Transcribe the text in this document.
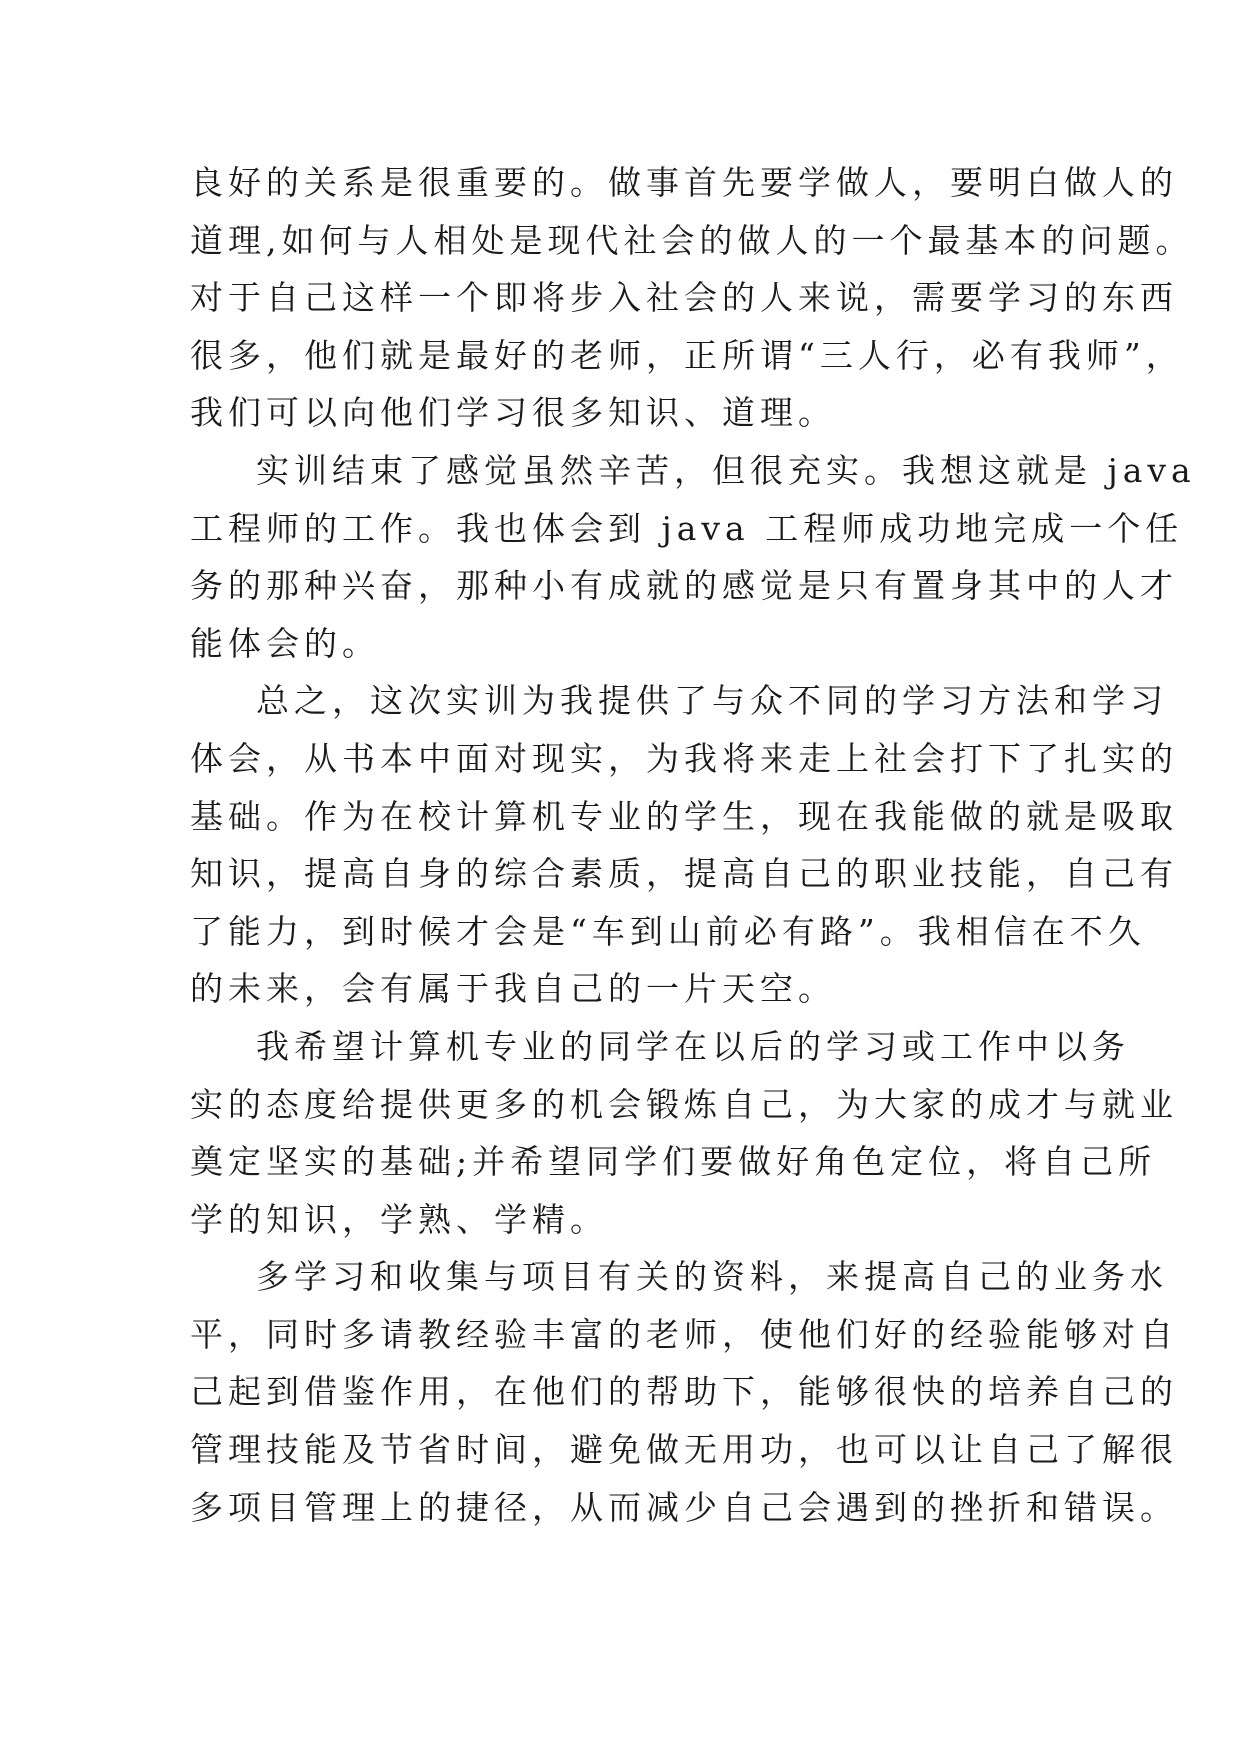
良好的关系是很重要的。做事首先要学做人，要明白做人的
道理,如何与人相处是现代社会的做人的一个最基本的问题。
对于自己这样一个即将步入社会的人来说，需要学习的东西
很多，他们就是最好的老师，正所谓“三人行，必有我师”，
我们可以向他们学习很多知识、道理。
实训结束了感觉虽然辛苦，但很充实。我想这就是 java
工程师的工作。我也体会到 java 工程师成功地完成一个任
务的那种兴奋，那种小有成就的感觉是只有置身其中的人才
能体会的。
总之，这次实训为我提供了与众不同的学习方法和学习
体会，从书本中面对现实，为我将来走上社会打下了扎实的
基础。作为在校计算机专业的学生，现在我能做的就是吸取
知识，提高自身的综合素质，提高自己的职业技能，自己有
了能力，到时候才会是“车到山前必有路”。我相信在不久
的未来，会有属于我自己的一片天空。
我希望计算机专业的同学在以后的学习或工作中以务
实的态度给提供更多的机会锻炼自己，为大家的成才与就业
奠定坚实的基础;并希望同学们要做好角色定位，将自己所
学的知识，学熟、学精。
多学习和收集与项目有关的资料，来提高自己的业务水
平，同时多请教经验丰富的老师，使他们好的经验能够对自
己起到借鉴作用，在他们的帮助下，能够很快的培养自己的
管理技能及节省时间，避免做无用功，也可以让自己了解很
多项目管理上的捷径，从而减少自己会遇到的挫折和错误。
